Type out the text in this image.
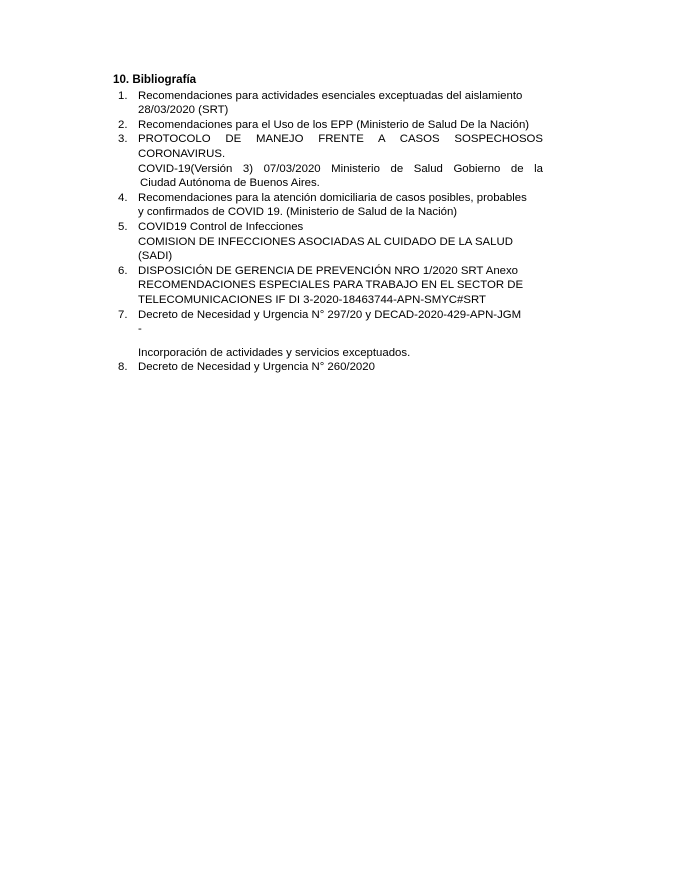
10. Bibliografía
1. Recomendaciones para actividades esenciales exceptuadas del aislamiento
28/03/2020 (SRT)
2. Recomendaciones para el Uso de los EPP (Ministerio de Salud De la Nación)
3. PROTOCOLO DE MANEJO FRENTE A CASOS SOSPECHOSOS
CORONAVIRUS.
COVID-19(Versión 3) 07/03/2020 Ministerio de Salud Gobierno de la
Ciudad Autónoma de Buenos Aires.
4. Recomendaciones para la atención domiciliaria de casos posibles, probables
y confirmados de COVID 19. (Ministerio de Salud de la Nación)
5. COVID19 Control de Infecciones
COMISION DE INFECCIONES ASOCIADAS AL CUIDADO DE LA SALUD
(SADI)
6. DISPOSICIÓN DE GERENCIA DE PREVENCIÓN NRO 1/2020 SRT Anexo
RECOMENDACIONES ESPECIALES PARA TRABAJO EN EL SECTOR DE
TELECOMUNICACIONES IF DI 3-2020-18463744-APN-SMYC#SRT
7. Decreto de Necesidad y Urgencia N° 297/20 y DECAD-2020-429-APN-JGM
-
Incorporación de actividades y servicios exceptuados.
8. Decreto de Necesidad y Urgencia N° 260/2020
